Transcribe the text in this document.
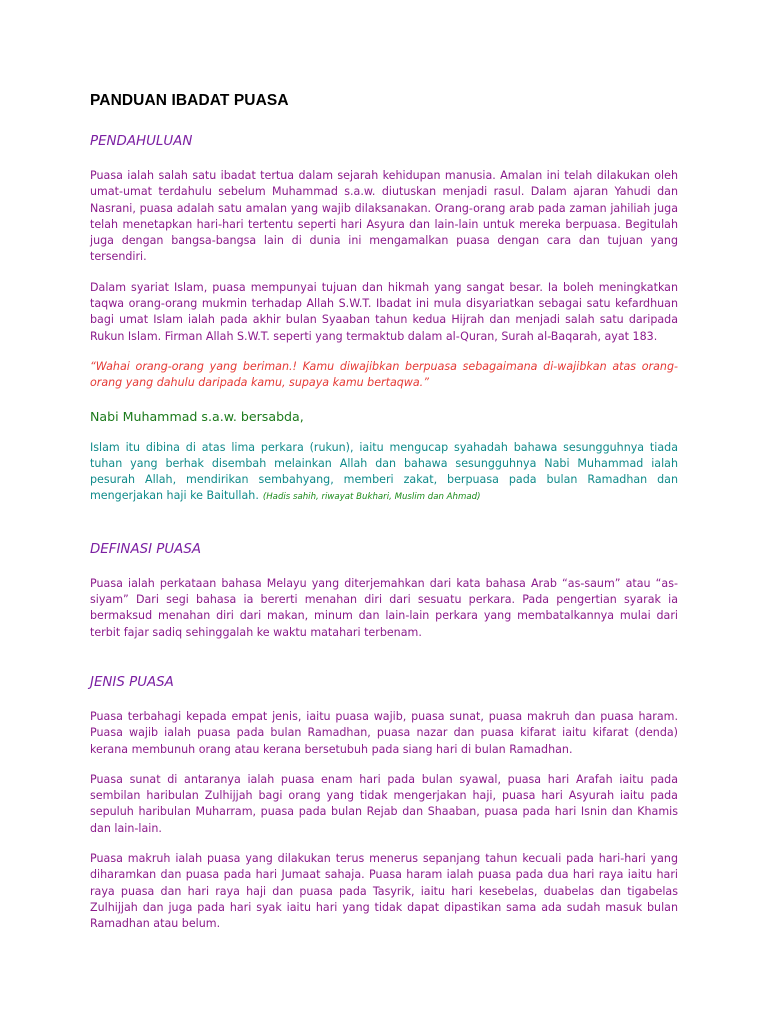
PANDUAN IBADAT PUASA
PENDAHULUAN

Puasa ialah salah satu ibadat tertua dalam sejarah kehidupan manusia. Amalan ini telah dilakukan oleh umat-umat terdahulu sebelum Muhammad s.a.w. diutuskan menjadi rasul. Dalam ajaran Yahudi dan Nasrani, puasa adalah satu amalan yang wajib dilaksanakan. Orang-orang arab pada zaman jahiliah juga telah menetapkan hari-hari tertentu seperti hari Asyura dan lain-lain untuk mereka berpuasa. Begitulah juga dengan bangsa-bangsa lain di dunia ini mengamalkan puasa dengan cara dan tujuan yang tersendiri.

Dalam syariat Islam, puasa mempunyai tujuan dan hikmah yang sangat besar. Ia boleh meningkatkan taqwa orang-orang mukmin terhadap Allah S.W.T. Ibadat ini mula disyariatkan sebagai satu kefardhuan bagi umat Islam ialah pada akhir bulan Syaaban tahun kedua Hijrah dan menjadi salah satu daripada Rukun Islam. Firman Allah S.W.T. seperti yang termaktub dalam al-Quran, Surah al-Baqarah, ayat 183.

“Wahai orang-orang yang beriman.! Kamu diwajibkan berpuasa sebagaimana di-wajibkan atas orang-orang yang dahulu daripada kamu, supaya kamu bertaqwa.”

Nabi Muhammad s.a.w. bersabda,

Islam itu dibina di atas lima perkara (rukun), iaitu mengucap syahadah bahawa sesungguhnya tiada tuhan yang berhak disembah melainkan Allah dan bahawa sesungguhnya Nabi Muhammad ialah pesurah Allah, mendirikan sembahyang, memberi zakat, berpuasa pada bulan Ramadhan dan mengerjakan haji ke Baitullah. (Hadis sahih, riwayat Bukhari, Muslim dan Ahmad)

DEFINASI PUASA

Puasa ialah perkataan bahasa Melayu yang diterjemahkan dari kata bahasa Arab “as-saum” atau “as-siyam” Dari segi bahasa ia bererti menahan diri dari sesuatu perkara. Pada pengertian syarak ia bermaksud menahan diri dari makan, minum dan lain-lain perkara yang membatalkannya mulai dari terbit fajar sadiq sehinggalah ke waktu matahari terbenam.

JENIS PUASA

Puasa terbahagi kepada empat jenis, iaitu puasa wajib, puasa sunat, puasa makruh dan puasa haram. Puasa wajib ialah puasa pada bulan Ramadhan, puasa nazar dan puasa kifarat iaitu kifarat (denda) kerana membunuh orang atau kerana bersetubuh pada siang hari di bulan Ramadhan.

Puasa sunat di antaranya ialah puasa enam hari pada bulan syawal, puasa hari Arafah iaitu pada sembilan haribulan Zulhijjah bagi orang yang tidak mengerjakan haji, puasa hari Asyurah iaitu pada sepuluh haribulan Muharram, puasa pada bulan Rejab dan Shaaban, puasa pada hari Isnin dan Khamis dan lain-lain.

Puasa makruh ialah puasa yang dilakukan terus menerus sepanjang tahun kecuali pada hari-hari yang diharamkan dan puasa pada hari Jumaat sahaja. Puasa haram ialah puasa pada dua hari raya iaitu hari raya puasa dan hari raya haji dan puasa pada Tasyrik, iaitu hari kesebelas, duabelas dan tigabelas Zulhijjah dan juga pada hari syak iaitu hari yang tidak dapat dipastikan sama ada sudah masuk bulan Ramadhan atau belum.
